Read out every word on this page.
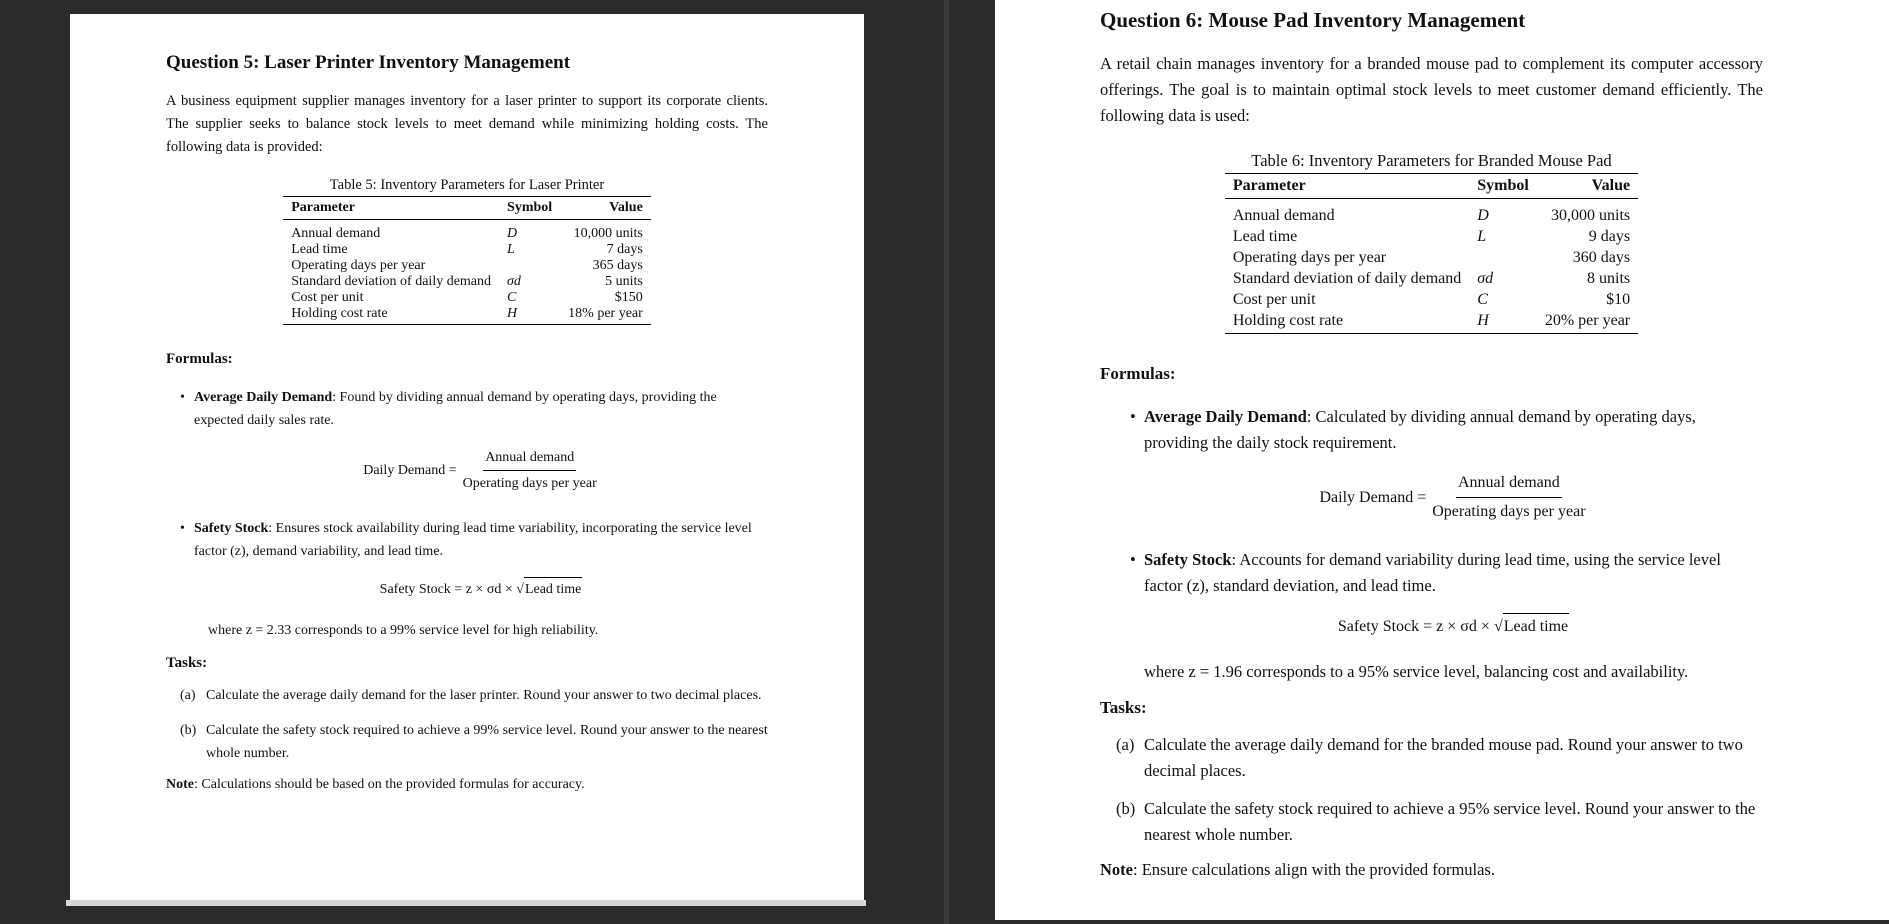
Question 5: Laser Printer Inventory Management

A business equipment supplier manages inventory for a laser printer to support its corporate clients. The supplier seeks to balance stock levels to meet demand while minimizing holding costs. The following data is provided:

Table 5: Inventory Parameters for Laser Printer
Parameter	Symbol	Value
Annual demand	D	10,000 units
Lead time	L	7 days
Operating days per year		365 days
Standard deviation of daily demand	σd	5 units
Cost per unit	C	$150
Holding cost rate	H	18% per year
Formulas:
• Average Daily Demand: Found by dividing annual demand by operating days, providing the expected daily sales rate.
Daily Demand = $\frac{\text{Annual demand}}{\text{Operating days per year}}$
• Safety Stock: Ensures stock availability during lead time variability, incorporating the service level factor (z), demand variability, and lead time.
Safety Stock = z × σd × √ Lead time
where z = 2.33 corresponds to a 99% service level for high reliability.
Tasks:
(a) Calculate the average daily demand for the laser printer. Round your answer to two decimal places.
(b) Calculate the safety stock required to achieve a 99% service level. Round your answer to the nearest whole number.
Note: Calculations should be based on the provided formulas for accuracy.
Question 6: Mouse Pad Inventory Management

A retail chain manages inventory for a branded mouse pad to complement its computer accessory offerings. The goal is to maintain optimal stock levels to meet customer demand efficiently. The following data is used:

Table 6: Inventory Parameters for Branded Mouse Pad
Parameter	Symbol	Value
Annual demand	D	30,000 units
Lead time	L	9 days
Operating days per year		360 days
Standard deviation of daily demand	σd	8 units
Cost per unit	C	$10
Holding cost rate	H	20% per year
Formulas:
• Average Daily Demand: Calculated by dividing annual demand by operating days, providing the daily stock requirement.
Daily Demand = $\frac{\text{Annual demand}}{\text{Operating days per year}}$
• Safety Stock: Accounts for demand variability during lead time, using the service level factor (z), standard deviation, and lead time.
Safety Stock = z × σd × √ Lead time
where z = 1.96 corresponds to a 95% service level, balancing cost and availability.
Tasks:
(a) Calculate the average daily demand for the branded mouse pad. Round your answer to two decimal places.
(b) Calculate the safety stock required to achieve a 95% service level. Round your answer to the nearest whole number.
Note: Ensure calculations align with the provided formulas.
